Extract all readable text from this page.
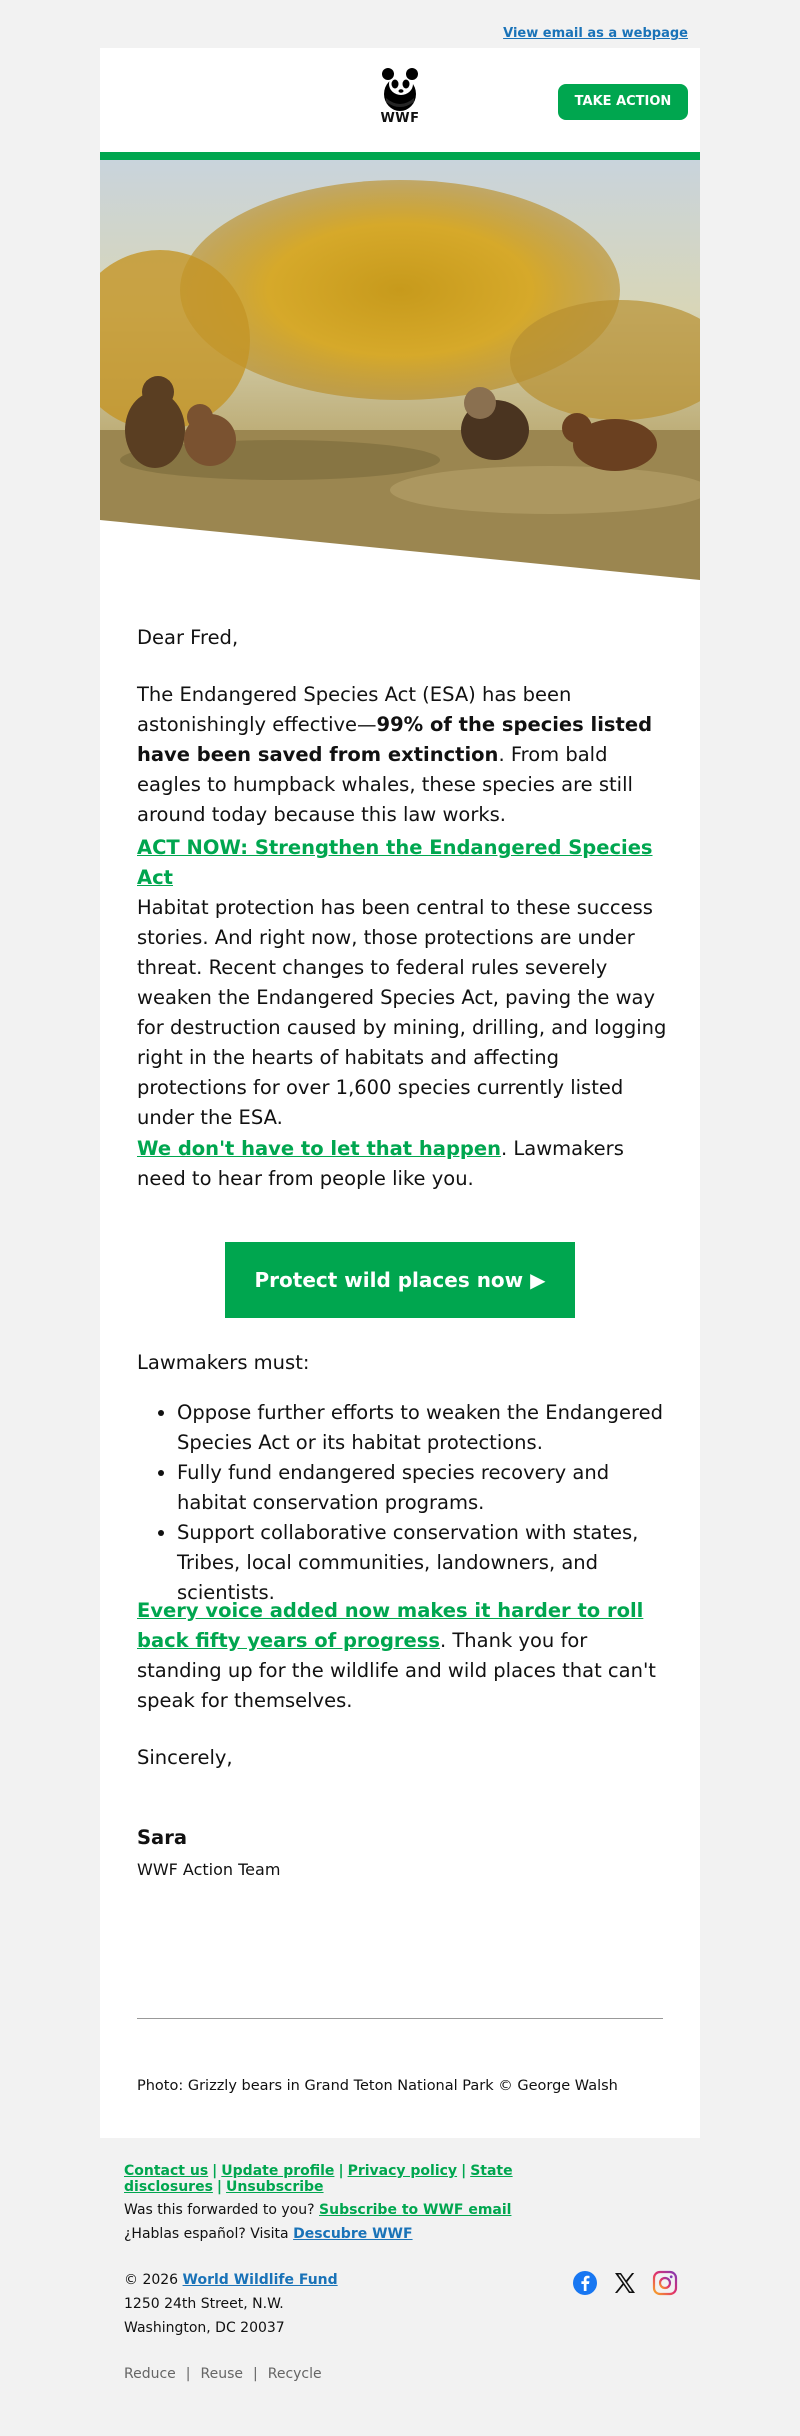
View email as a webpage
WWF
TAKE ACTION

Dear Fred,

The Endangered Species Act (ESA) has been astonishingly effective—99% of the species listed have been saved from extinction. From bald eagles to humpback whales, these species are still around today because this law works.

ACT NOW: Strengthen the Endangered Species Act

Habitat protection has been central to these success stories. And right now, those protections are under threat. Recent changes to federal rules severely weaken the Endangered Species Act, paving the way for destruction caused by mining, drilling, and logging right in the hearts of habitats and affecting protections for over 1,600 species currently listed under the ESA.

We don't have to let that happen. Lawmakers need to hear from people like you.

Protect wild places now ▶

Lawmakers must:

• Oppose further efforts to weaken the Endangered Species Act or its habitat protections.
• Fully fund endangered species recovery and habitat conservation programs.
• Support collaborative conservation with states, Tribes, local communities, landowners, and scientists.

Every voice added now makes it harder to roll back fifty years of progress. Thank you for standing up for the wildlife and wild places that can't speak for themselves.

Sincerely,

Sara

WWF Action Team

Photo: Grizzly bears in Grand Teton National Park © George Walsh

Contact us | Update profile | Privacy policy | State disclosures | Unsubscribe
Was this forwarded to you? Subscribe to WWF email
¿Hablas español? Visita Descubre WWF
© 2026 World Wildlife Fund
1250 24th Street, N.W.
Washington, DC 20037
Reduce | Reuse | Recycle
